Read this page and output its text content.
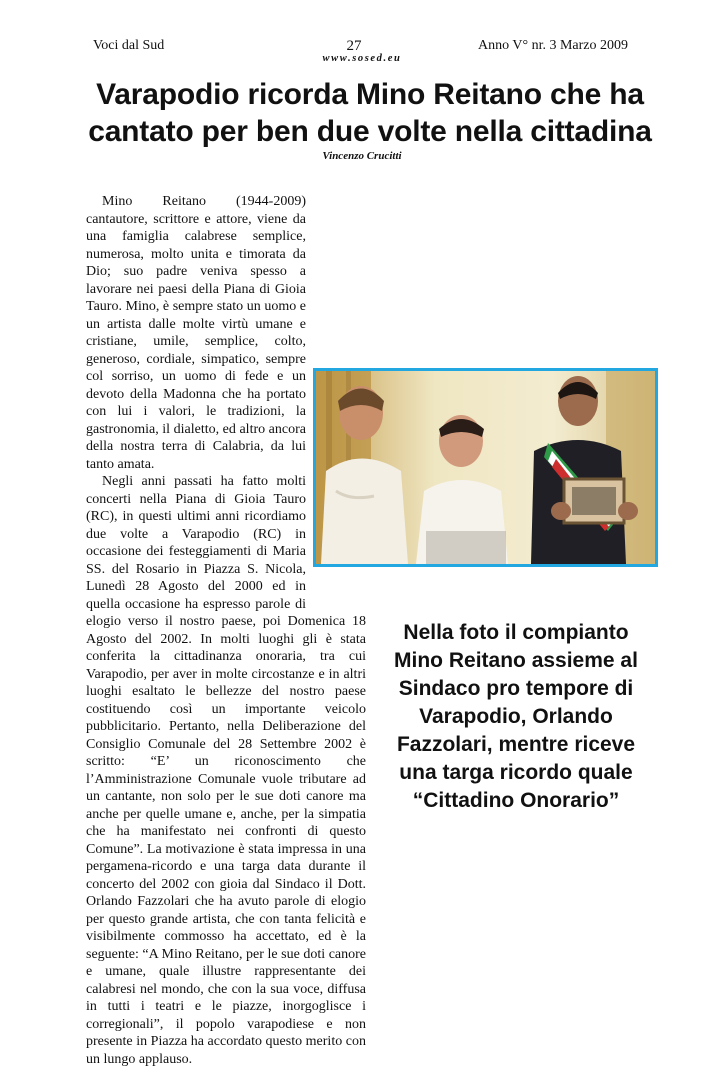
Voci dal Sud	27	Anno V° nr. 3 Marzo 2009
www.sosed.eu
Varapodio ricorda Mino Reitano che ha
cantato per ben due volte nella cittadina
Vincenzo Crucitti

Mino Reitano (1944-2009) cantautore, scrittore e attore, viene da una famiglia calabrese semplice, numerosa, molto unita e timorata da Dio; suo padre veniva spesso a lavorare nei paesi della Piana di Gioia Tauro. Mino, è sempre stato un uomo e un artista dalle molte virtù umane e cristiane, umile, semplice, colto, generoso, cordiale, simpatico, sempre col sorriso, un uomo di fede e un devoto della Madonna che ha portato con lui i valori, le tradizioni, la gastronomia, il dialetto, ed altro ancora della nostra terra di Calabria, da lui tanto amata.

Negli anni passati ha fatto molti concerti nella Piana di Gioia Tauro (RC), in questi ultimi anni ricordiamo due volte a Varapodio (RC) in occasione dei festeggiamenti di Maria SS. del Rosario in Piazza S. Nicola, Lunedì 28 Agosto del 2000 ed in quella occasione ha espresso parole di elogio verso il nostro paese, poi Domenica 18 Agosto del 2002. In molti luoghi gli è stata conferita la cittadinanza onoraria, tra cui Varapodio, per aver in molte circostanze e in altri luoghi esaltato le bellezze del nostro paese costituendo così un importante veicolo pubblicitario. Pertanto, nella Deliberazione del Consiglio Comunale del 28 Settembre 2002 è scritto: “E’ un riconoscimento che l’Amministrazione Comunale vuole tributare ad un cantante, non solo per le sue doti canore ma anche per quelle umane e, anche, per la simpatia che ha manifestato nei confronti di questo Comune”. La motivazione è stata impressa in una pergamena-ricordo e una targa data durante il concerto del 2002 con gioia dal Sindaco il Dott. Orlando Fazzolari che ha avuto parole di elogio per questo grande artista, che con tanta felicità e visibilmente commosso ha accettato, ed è la seguente: “A Mino Reitano, per le sue doti canore e umane, quale illustre rappresentante dei calabresi nel mondo, che con la sua voce, diffusa in tutti i teatri e le piazze, inorgoglisce i corregionali”, il popolo varapodiese e non presente in Piazza ha accordato questo merito con un lungo applauso.

Nella foto il compianto Mino Reitano assieme al Sindaco pro tempore di Varapodio, Orlando Fazzolari, mentre riceve una targa ricordo quale “Cittadino Onorario”
